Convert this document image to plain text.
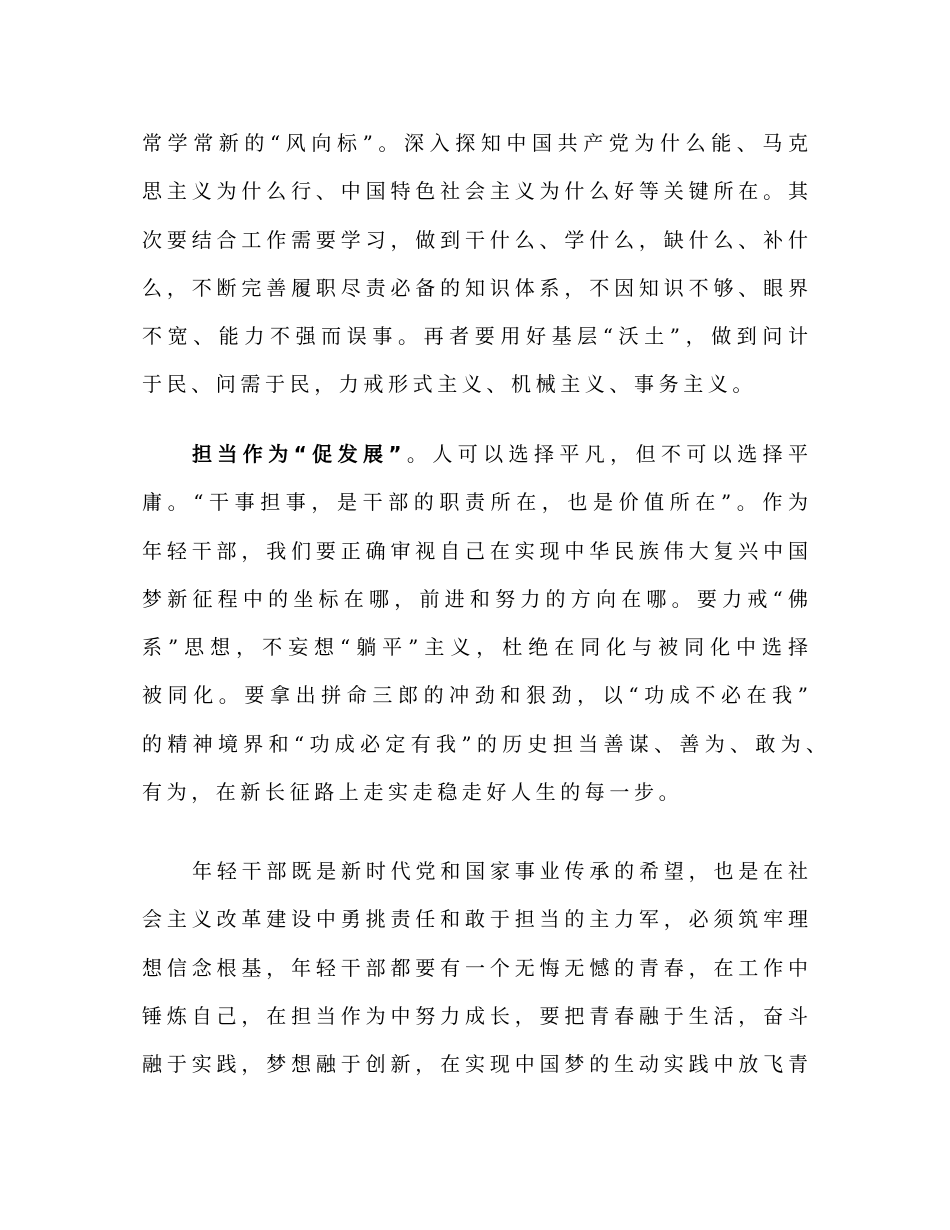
常学常新的“风向标”。深入探知中国共产党为什么能、马克
思主义为什么行、中国特色社会主义为什么好等关键所在。其
次要结合工作需要学习，做到干什么、学什么，缺什么、补什
么，不断完善履职尽责必备的知识体系，不因知识不够、眼界
不宽、能力不强而误事。再者要用好基层“沃土”，做到问计
于民、问需于民，力戒形式主义、机械主义、事务主义。
担当作为“促发展”。人可以选择平凡，但不可以选择平
庸。“干事担事，是干部的职责所在，也是价值所在”。作为
年轻干部，我们要正确审视自己在实现中华民族伟大复兴中国
梦新征程中的坐标在哪，前进和努力的方向在哪。要力戒“佛
系”思想，不妄想“躺平”主义，杜绝在同化与被同化中选择
被同化。要拿出拼命三郎的冲劲和狠劲，以“功成不必在我”
的精神境界和“功成必定有我”的历史担当善谋、善为、敢为、
有为，在新长征路上走实走稳走好人生的每一步。
年轻干部既是新时代党和国家事业传承的希望，也是在社
会主义改革建设中勇挑责任和敢于担当的主力军，必须筑牢理
想信念根基，年轻干部都要有一个无悔无憾的青春，在工作中
锤炼自己，在担当作为中努力成长，要把青春融于生活，奋斗
融于实践，梦想融于创新，在实现中国梦的生动实践中放飞青
